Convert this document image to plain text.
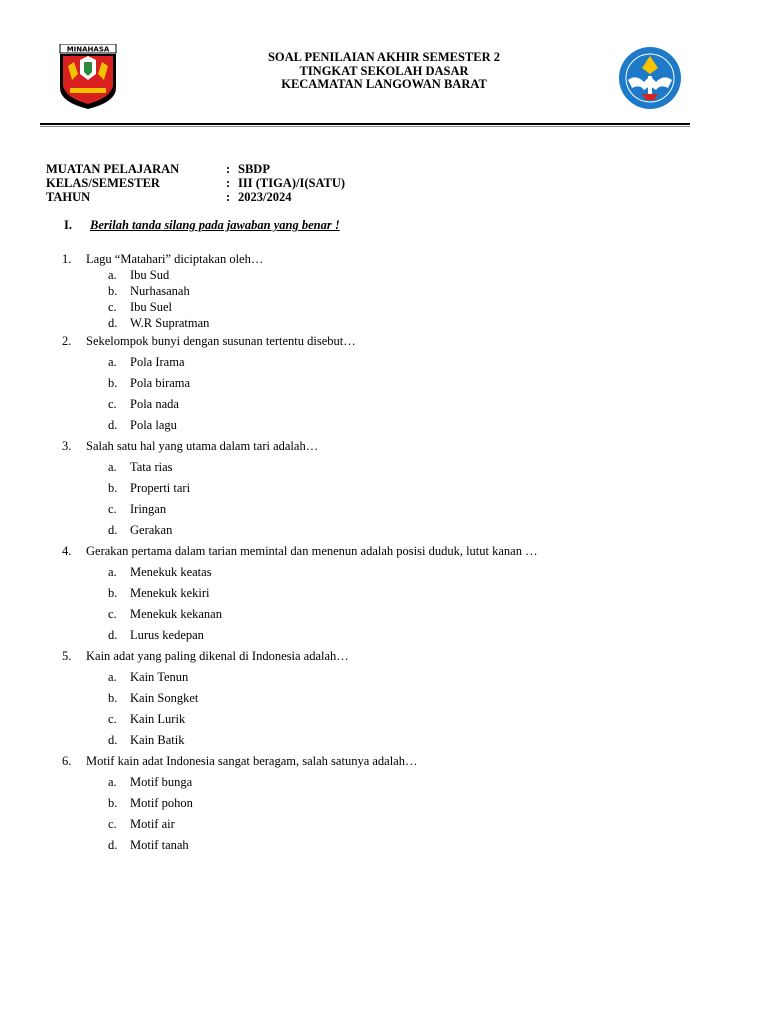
MINAHASA
SOAL PENILAIAN AKHIR SEMESTER 2
TINGKAT SEKOLAH DASAR
KECAMATAN LANGOWAN BARAT
MUATAN PELAJARAN	: SBDP
KELAS/SEMESTER	: III (TIGA)/I(SATU)
TAHUN	: 2023/2024
I.	Berilah tanda silang pada jawaban yang benar !
1.	Lagu “Matahari” diciptakan oleh…
a.	Ibu Sud
b.	Nurhasanah
c.	Ibu Suel
d.	W.R Supratman
2.	Sekelompok bunyi dengan susunan tertentu disebut…
a.	Pola Irama
b.	Pola birama
c.	Pola nada
d.	Pola lagu
3.	Salah satu hal yang utama dalam tari adalah…
a.	Tata rias
b.	Properti tari
c.	Iringan
d.	Gerakan
4.	Gerakan pertama dalam tarian memintal dan menenun adalah posisi duduk, lutut kanan …
a.	Menekuk keatas
b.	Menekuk kekiri
c.	Menekuk kekanan
d.	Lurus kedepan
5.	Kain adat yang paling dikenal di Indonesia adalah…
a.	Kain Tenun
b.	Kain Songket
c.	Kain Lurik
d.	Kain Batik
6.	Motif kain adat Indonesia sangat beragam, salah satunya adalah…
a.	Motif bunga
b.	Motif pohon
c.	Motif air
d.	Motif tanah
